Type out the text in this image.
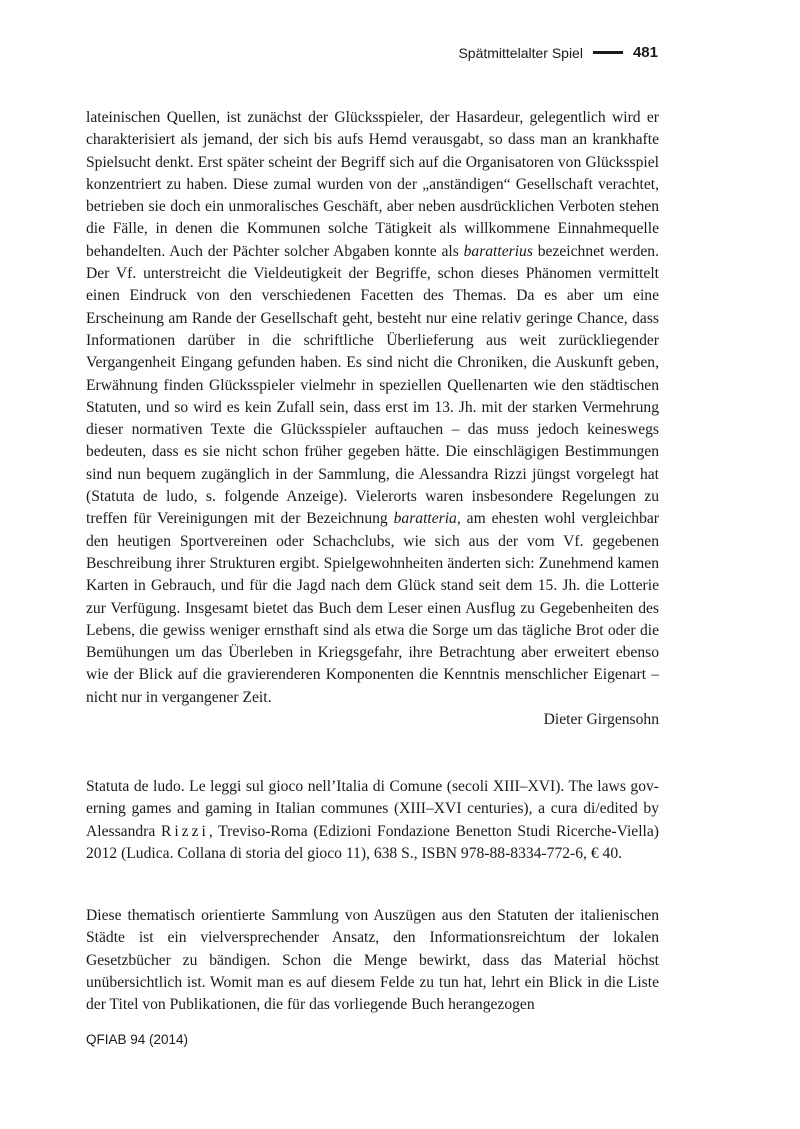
Spätmittelalter Spiel	481

lateinischen Quellen, ist zunächst der Glücksspieler, der Hasardeur, gelegentlich wird er charakterisiert als jemand, der sich bis aufs Hemd verausgabt, so dass man an krankhafte Spielsucht denkt. Erst später scheint der Begriff sich auf die Organisatoren von Glücksspiel konzentriert zu haben. Diese zumal wurden von der „anständigen“ Gesellschaft verachtet, betrieben sie doch ein unmoralisches Geschäft, aber neben ausdrücklichen Verboten stehen die Fälle, in denen die Kommunen solche Tätigkeit als willkommene Einnahmequelle behandelten. Auch der Pächter solcher Abgaben konnte als baratterius bezeichnet werden. Der Vf. unterstreicht die Vieldeutigkeit der Begriffe, schon dieses Phänomen vermittelt einen Eindruck von den verschiedenen Facetten des Themas. Da es aber um eine Erscheinung am Rande der Gesellschaft geht, besteht nur eine relativ geringe Chance, dass Informationen darüber in die schriftliche Überlieferung aus weit zurückliegender Vergangenheit Eingang gefunden haben. Es sind nicht die Chroniken, die Auskunft geben, Erwähnung finden Glücksspieler vielmehr in speziellen Quellenarten wie den städtischen Statuten, und so wird es kein Zufall sein, dass erst im 13. Jh. mit der starken Vermehrung dieser normativen Texte die Glücksspieler auftauchen – das muss jedoch keineswegs bedeuten, dass es sie nicht schon früher gegeben hätte. Die einschlägigen Bestimmungen sind nun bequem zugänglich in der Sammlung, die Alessandra Rizzi jüngst vorgelegt hat (Statuta de ludo, s. folgende Anzeige). Vielerorts waren insbesondere Regelungen zu treffen für Vereinigungen mit der Bezeichnung baratteria, am ehesten wohl vergleichbar den heutigen Sportvereinen oder Schachclubs, wie sich aus der vom Vf. gegebenen Beschreibung ihrer Strukturen ergibt. Spielgewohnheiten änderten sich: Zunehmend kamen Karten in Gebrauch, und für die Jagd nach dem Glück stand seit dem 15. Jh. die Lotterie zur Verfügung. Insgesamt bietet das Buch dem Leser einen Ausflug zu Gegebenheiten des Lebens, die gewiss weniger ernsthaft sind als etwa die Sorge um das tägliche Brot oder die Bemühungen um das Überleben in Kriegsgefahr, ihre Betrachtung aber erweitert ebenso wie der Blick auf die gravierenderen Komponenten die Kenntnis menschlicher Eigenart – nicht nur in vergangener Zeit.

Dieter Girgensohn

Statuta de ludo. Le leggi sul gioco nell’Italia di Comune (secoli XIII–XVI). The laws governing games and gaming in Italian communes (XIII–XVI centuries), a cura di/edited by Alessandra Rizzi, Treviso-Roma (Edizioni Fondazione Benetton Studi Ricerche-Viella) 2012 (Ludica. Collana di storia del gioco 11), 638 S., ISBN 978-88-8334-772-6, € 40.

Diese thematisch orientierte Sammlung von Auszügen aus den Statuten der italienischen Städte ist ein vielversprechender Ansatz, den Informationsreichtum der lokalen Gesetzbücher zu bändigen. Schon die Menge bewirkt, dass das Material höchst unübersichtlich ist. Womit man es auf diesem Felde zu tun hat, lehrt ein Blick in die Liste der Titel von Publikationen, die für das vorliegende Buch herangezogen

QFIAB 94 (2014)
